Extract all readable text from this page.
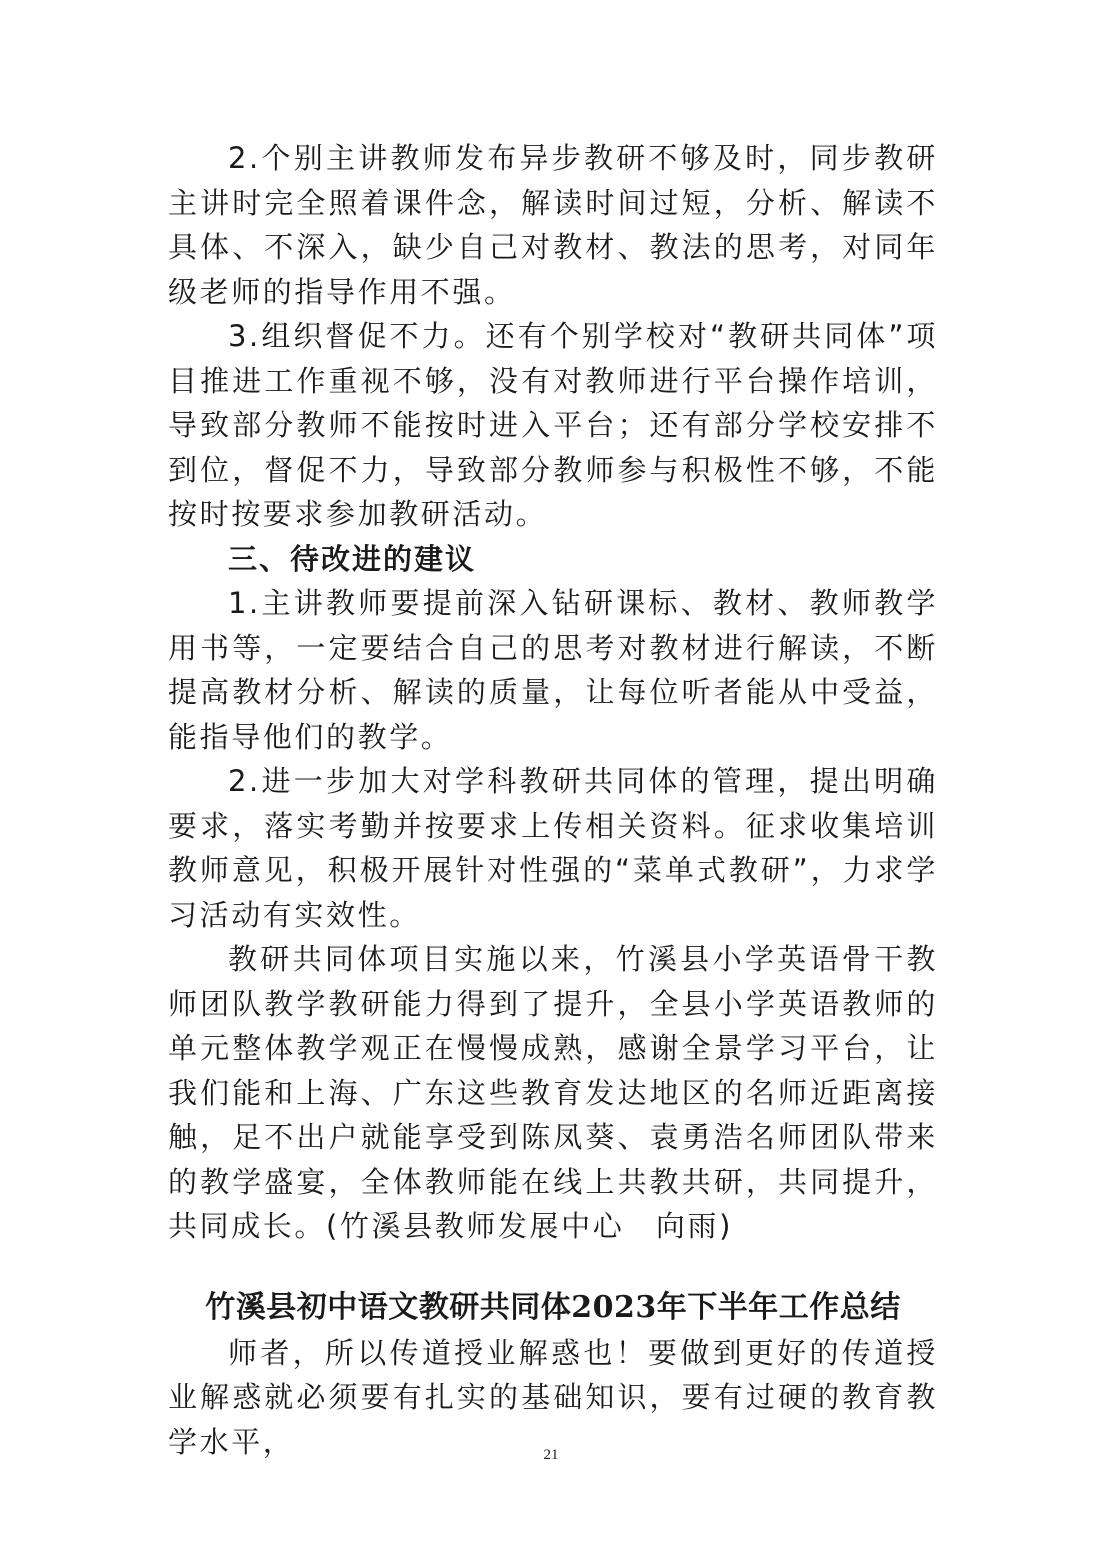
2.个别主讲教师发布异步教研不够及时，同步教研主讲时完全照着课件念，解读时间过短，分析、解读不具体、不深入，缺少自己对教材、教法的思考，对同年级老师的指导作用不强。

3.组织督促不力。还有个别学校对“教研共同体”项目推进工作重视不够，没有对教师进行平台操作培训，导致部分教师不能按时进入平台；还有部分学校安排不到位，督促不力，导致部分教师参与积极性不够，不能按时按要求参加教研活动。

三、待改进的建议

1.主讲教师要提前深入钻研课标、教材、教师教学用书等，一定要结合自己的思考对教材进行解读，不断提高教材分析、解读的质量，让每位听者能从中受益，能指导他们的教学。

2.进一步加大对学科教研共同体的管理，提出明确要求，落实考勤并按要求上传相关资料。征求收集培训教师意见，积极开展针对性强的“菜单式教研”，力求学习活动有实效性。

教研共同体项目实施以来，竹溪县小学英语骨干教师团队教学教研能力得到了提升，全县小学英语教师的单元整体教学观正在慢慢成熟，感谢全景学习平台，让我们能和上海、广东这些教育发达地区的名师近距离接触，足不出户就能享受到陈凤葵、袁勇浩名师团队带来的教学盛宴，全体教师能在线上共教共研，共同提升，共同成长。(竹溪县教师发展中心　向雨)

竹溪县初中语文教研共同体2023年下半年工作总结

师者，所以传道授业解惑也！要做到更好的传道授业解惑就必须要有扎实的基础知识，要有过硬的教育教学水平，	21
